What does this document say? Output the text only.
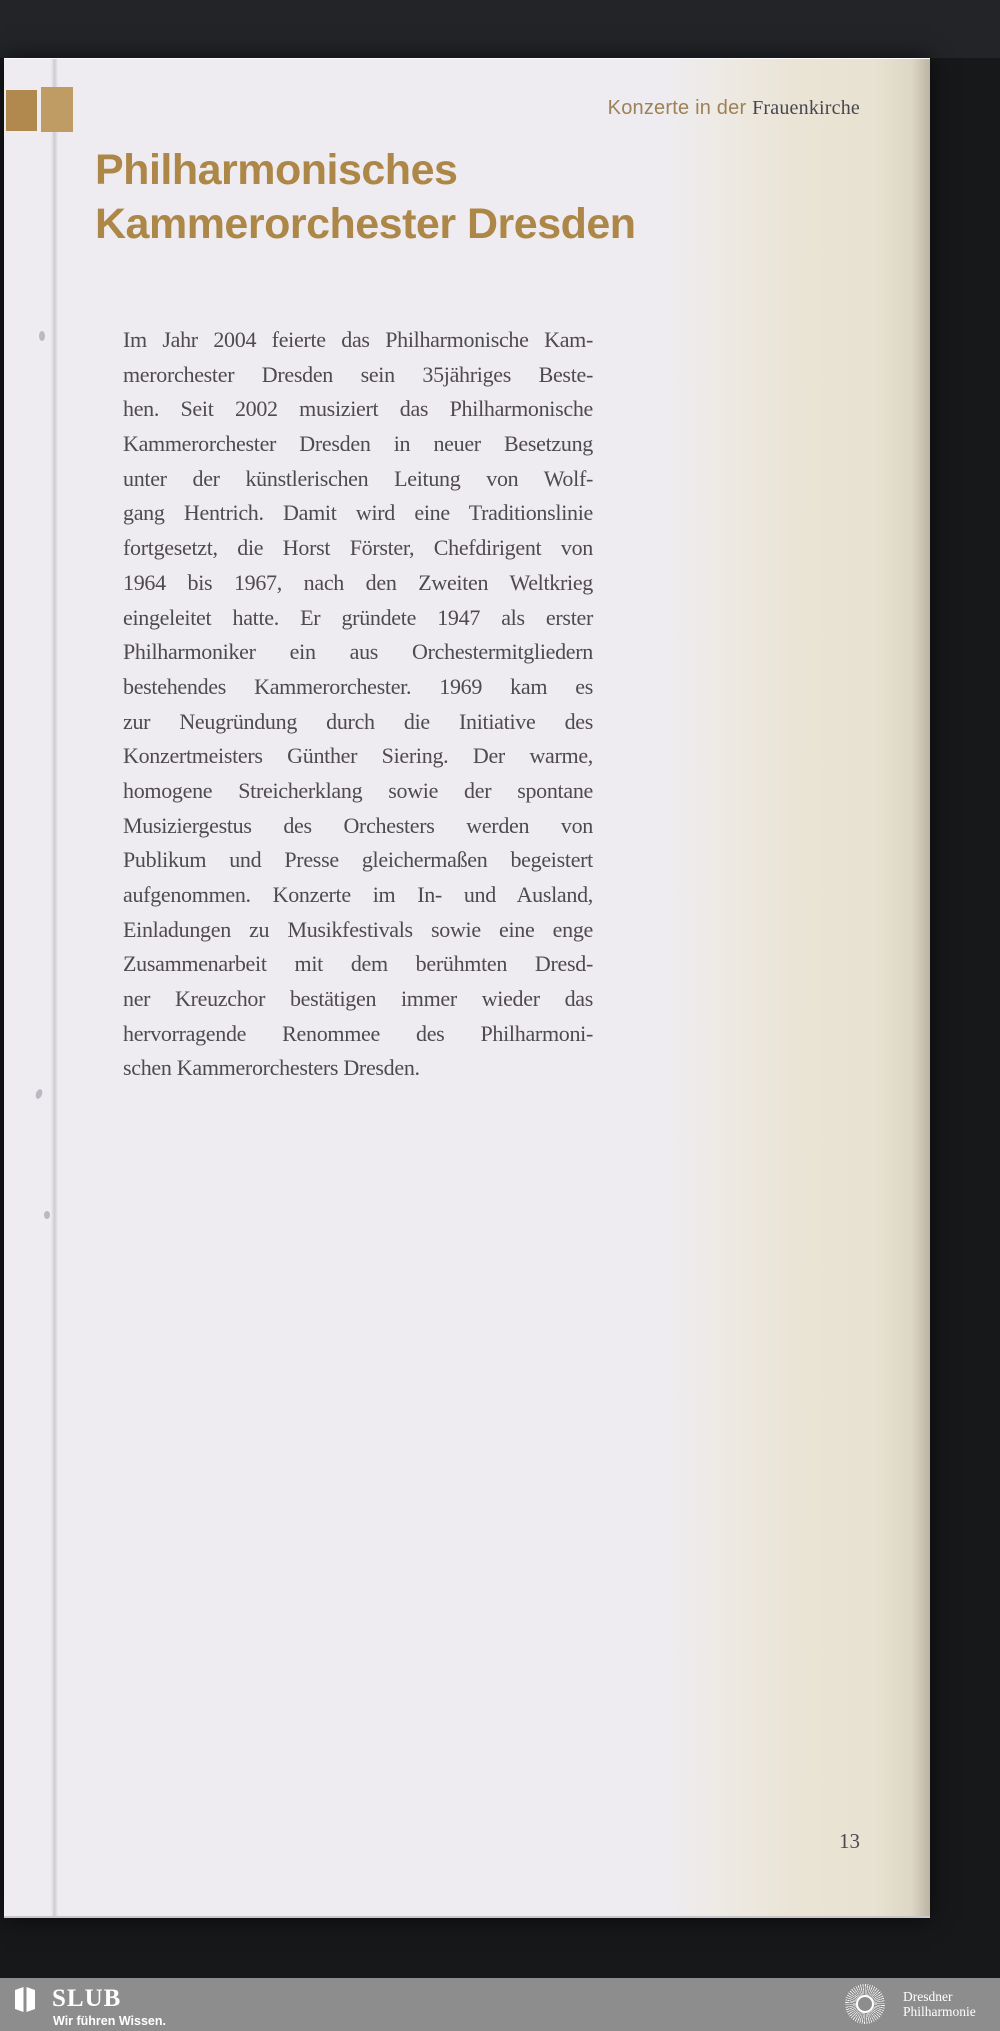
Konzerte in der Frauenkirche
Philharmonisches
Kammerorchester Dresden
Im Jahr 2004 feierte das Philharmonische Kam-
merorchester Dresden sein 35jähriges Beste-
hen. Seit 2002 musiziert das Philharmonische
Kammerorchester Dresden in neuer Besetzung
unter der künstlerischen Leitung von Wolf-
gang Hentrich. Damit wird eine Traditionslinie
fortgesetzt, die Horst Förster, Chefdirigent von
1964 bis 1967, nach den Zweiten Weltkrieg
eingeleitet hatte. Er gründete 1947 als erster
Philharmoniker ein aus Orchestermitgliedern
bestehendes Kammerorchester. 1969 kam es
zur Neugründung durch die Initiative des
Konzertmeisters Günther Siering. Der warme,
homogene Streicherklang sowie der spontane
Musiziergestus des Orchesters werden von
Publikum und Presse gleichermaßen begeistert
aufgenommen. Konzerte im In- und Ausland,
Einladungen zu Musikfestivals sowie eine enge
Zusammenarbeit mit dem berühmten Dresd-
ner Kreuzchor bestätigen immer wieder das
hervorragende Renommee des Philharmoni-
schen Kammerorchesters Dresden.
13
SLUB
Wir führen Wissen.
Dresdner
Philharmonie
